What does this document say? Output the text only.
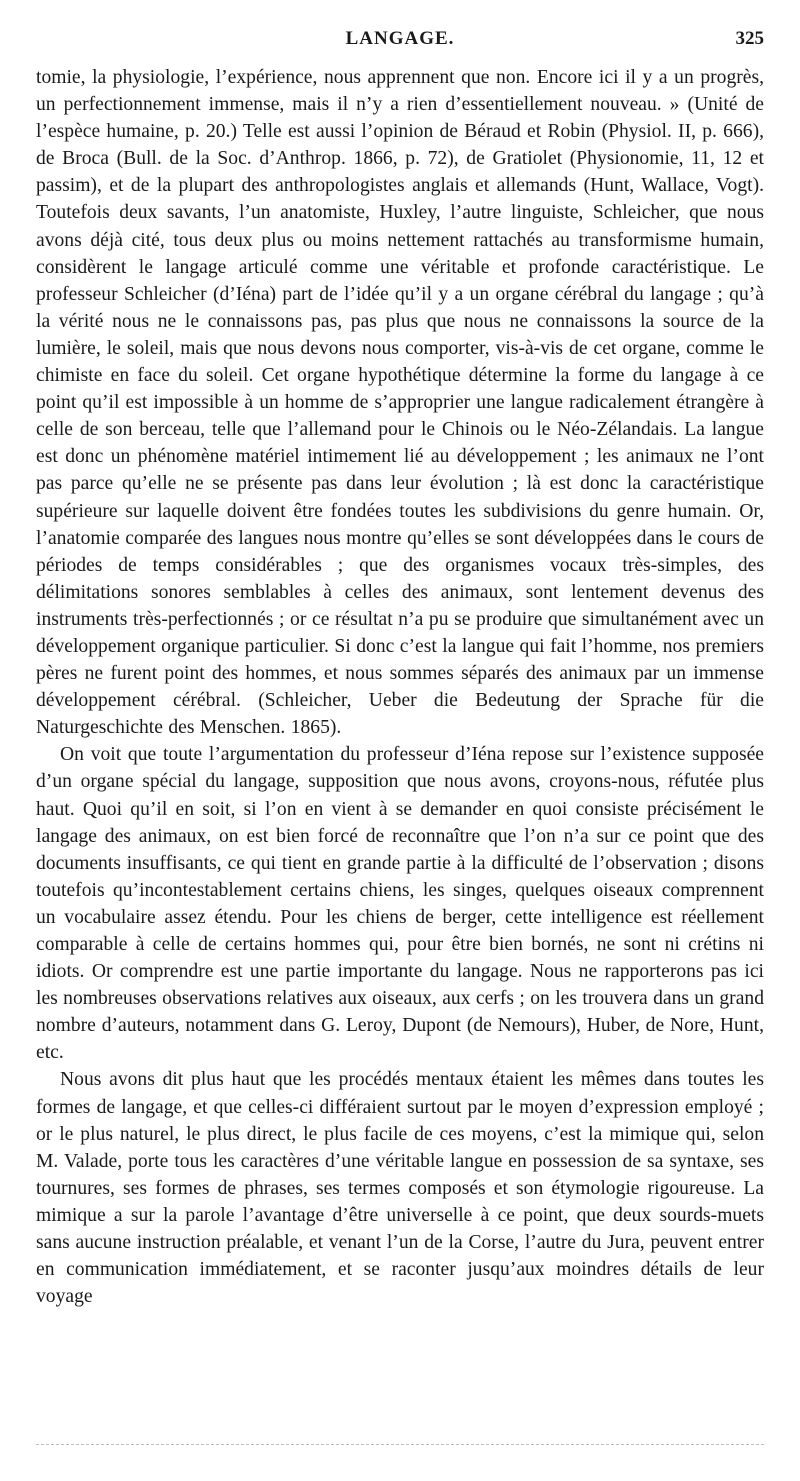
LANGAGE.	325

tomie, la physiologie, l’expérience, nous apprennent que non. Encore ici il y a un progrès, un perfectionnement immense, mais il n’y a rien d’essentiellement nouveau. » (Unité de l’espèce humaine, p. 20.) Telle est aussi l’opinion de Béraud et Robin (Physiol. II, p. 666), de Broca (Bull. de la Soc. d’Anthrop. 1866, p. 72), de Gratiolet (Physionomie, 11, 12 et passim), et de la plupart des anthropologistes anglais et allemands (Hunt, Wallace, Vogt). Toutefois deux savants, l’un anatomiste, Huxley, l’autre linguiste, Schleicher, que nous avons déjà cité, tous deux plus ou moins nettement rattachés au transformisme humain, considèrent le langage articulé comme une véritable et profonde caractéristique. Le professeur Schleicher (d’Iéna) part de l’idée qu’il y a un organe cérébral du langage ; qu’à la vérité nous ne le connaissons pas, pas plus que nous ne connaissons la source de la lumière, le soleil, mais que nous devons nous comporter, vis-à-vis de cet organe, comme le chimiste en face du soleil. Cet organe hypothétique détermine la forme du langage à ce point qu’il est impossible à un homme de s’approprier une langue radicalement étrangère à celle de son berceau, telle que l’allemand pour le Chinois ou le Néo-Zélandais. La langue est donc un phénomène matériel intimement lié au développement ; les animaux ne l’ont pas parce qu’elle ne se présente pas dans leur évolution ; là est donc la caractéristique supérieure sur laquelle doivent être fondées toutes les subdivisions du genre humain. Or, l’anatomie comparée des langues nous montre qu’elles se sont développées dans le cours de périodes de temps considérables ; que des organismes vocaux très-simples, des délimitations sonores semblables à celles des animaux, sont lentement devenus des instruments très-perfectionnés ; or ce résultat n’a pu se produire que simultanément avec un développement organique particulier. Si donc c’est la langue qui fait l’homme, nos premiers pères ne furent point des hommes, et nous sommes séparés des animaux par un immense développement cérébral. (Schleicher, Ueber die Bedeutung der Sprache für die Naturgeschichte des Menschen. 1865).

On voit que toute l’argumentation du professeur d’Iéna repose sur l’existence supposée d’un organe spécial du langage, supposition que nous avons, croyons-nous, réfutée plus haut. Quoi qu’il en soit, si l’on en vient à se demander en quoi consiste précisément le langage des animaux, on est bien forcé de reconnaître que l’on n’a sur ce point que des documents insuffisants, ce qui tient en grande partie à la difficulté de l’observation ; disons toutefois qu’incontestablement certains chiens, les singes, quelques oiseaux comprennent un vocabulaire assez étendu. Pour les chiens de berger, cette intelligence est réellement comparable à celle de certains hommes qui, pour être bien bornés, ne sont ni crétins ni idiots. Or comprendre est une partie importante du langage. Nous ne rapporterons pas ici les nombreuses observations relatives aux oiseaux, aux cerfs ; on les trouvera dans un grand nombre d’auteurs, notamment dans G. Leroy, Dupont (de Nemours), Huber, de Nore, Hunt, etc.

Nous avons dit plus haut que les procédés mentaux étaient les mêmes dans toutes les formes de langage, et que celles-ci différaient surtout par le moyen d’expression employé ; or le plus naturel, le plus direct, le plus facile de ces moyens, c’est la mimique qui, selon M. Valade, porte tous les caractères d’une véritable langue en possession de sa syntaxe, ses tournures, ses formes de phrases, ses termes composés et son étymologie rigoureuse. La mimique a sur la parole l’avantage d’être universelle à ce point, que deux sourds-muets sans aucune instruction préalable, et venant l’un de la Corse, l’autre du Jura, peuvent entrer en communication immédiatement, et se raconter jusqu’aux moindres détails de leur voyage
